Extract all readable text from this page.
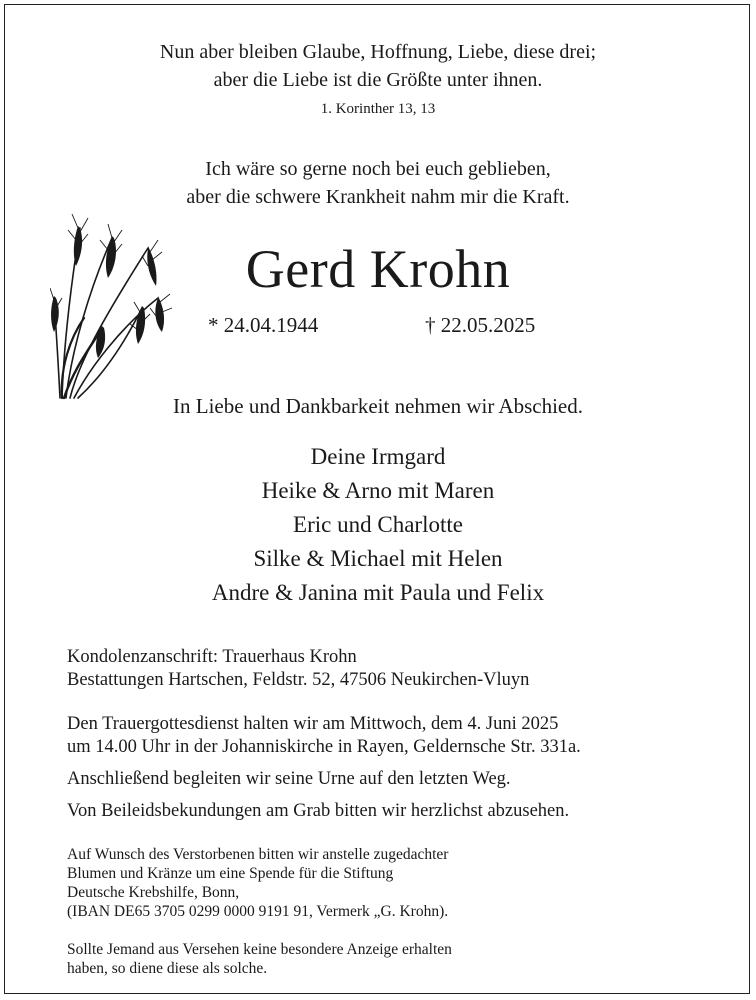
Nun aber bleiben Glaube, Hoffnung, Liebe, diese drei;
aber die Liebe ist die Größte unter ihnen.
1. Korinther 13, 13
Ich wäre so gerne noch bei euch geblieben,
aber die schwere Krankheit nahm mir die Kraft.
Gerd Krohn
* 24.04.1944	† 22.05.2025
In Liebe und Dankbarkeit nehmen wir Abschied.
Deine Irmgard
Heike & Arno mit Maren
Eric und Charlotte
Silke & Michael mit Helen
Andre & Janina mit Paula und Felix
Kondolenzanschrift: Trauerhaus Krohn
Bestattungen Hartschen, Feldstr. 52, 47506 Neukirchen-Vluyn

Den Trauergottesdienst halten wir am Mittwoch, dem 4. Juni 2025

um 14.00 Uhr in der Johanniskirche in Rayen, Geldernsche Str. 331a.

Anschließend begleiten wir seine Urne auf den letzten Weg.

Von Beileidsbekundungen am Grab bitten wir herzlichst abzusehen.

Auf Wunsch des Verstorbenen bitten wir anstelle zugedachter

Blumen und Kränze um eine Spende für die Stiftung

Deutsche Krebshilfe, Bonn,

(IBAN DE65 3705 0299 0000 9191 91, Vermerk „G. Krohn).

Sollte Jemand aus Versehen keine besondere Anzeige erhalten

haben, so diene diese als solche.
